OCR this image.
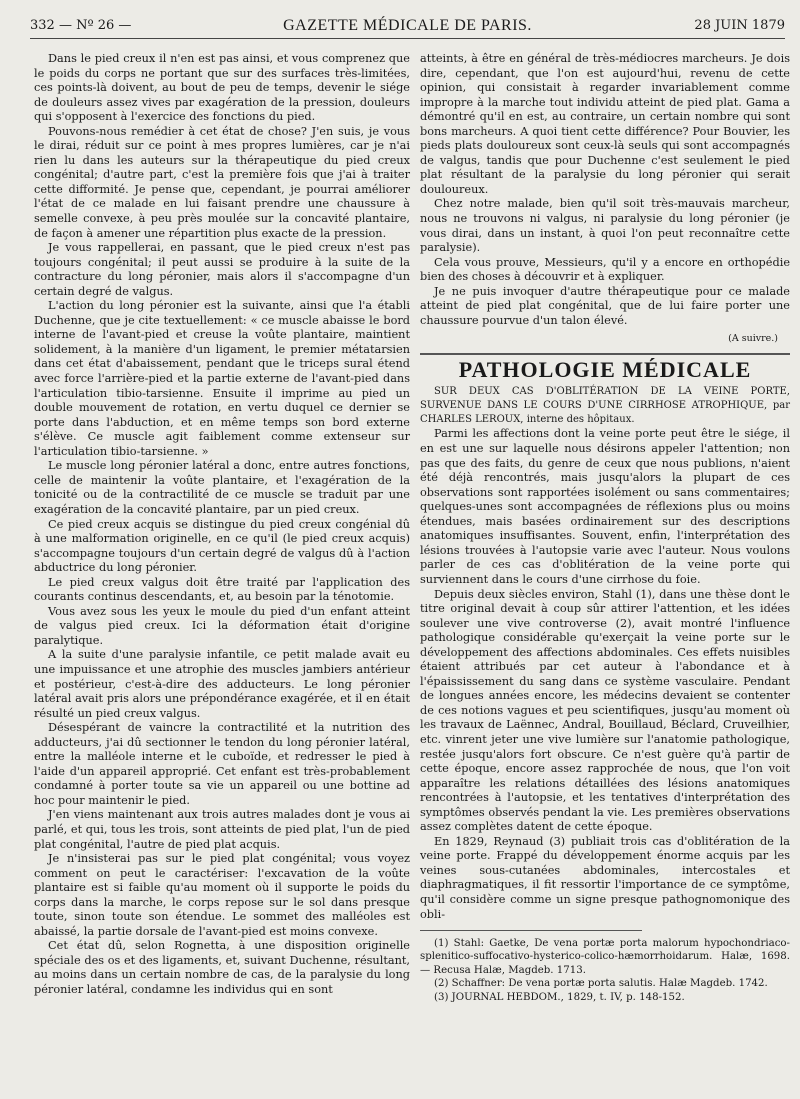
332 — Nº 26 —	GAZETTE MÉDICALE DE PARIS.	28 JUIN 1879

Dans le pied creux il n'en est pas ainsi, et vous comprenez que le poids du corps ne portant que sur des surfaces très-limitées, ces points-là doivent, au bout de peu de temps, devenir le siége de douleurs assez vives par exagération de la pression, douleurs qui s'opposent à l'exercice des fonctions du pied.

Pouvons-nous remédier à cet état de chose? J'en suis, je vous le dirai, réduit sur ce point à mes propres lumières, car je n'ai rien lu dans les auteurs sur la thérapeutique du pied creux congénital; d'autre part, c'est la première fois que j'ai à traiter cette difformité. Je pense que, cependant, je pourrai améliorer l'état de ce malade en lui faisant prendre une chaussure à semelle convexe, à peu près moulée sur la concavité plantaire, de façon à amener une répartition plus exacte de la pression.

Je vous rappellerai, en passant, que le pied creux n'est pas toujours congénital; il peut aussi se produire à la suite de la contracture du long péronier, mais alors il s'accompagne d'un certain degré de valgus.

L'action du long péronier est la suivante, ainsi que l'a établi Duchenne, que je cite textuellement: « ce muscle abaisse le bord interne de l'avant-pied et creuse la voûte plantaire, maintient solidement, à la manière d'un ligament, le premier métatarsien dans cet état d'abaissement, pendant que le triceps sural étend avec force l'arrière-pied et la partie externe de l'avant-pied dans l'articulation tibio-tarsienne. Ensuite il imprime au pied un double mouvement de rotation, en vertu duquel ce dernier se porte dans l'abduction, et en même temps son bord externe s'élève. Ce muscle agit faiblement comme extenseur sur l'articulation tibio-tarsienne. »

Le muscle long péronier latéral a donc, entre autres fonctions, celle de maintenir la voûte plantaire, et l'exagération de la tonicité ou de la contractilité de ce muscle se traduit par une exagération de la concavité plantaire, par un pied creux.

Ce pied creux acquis se distingue du pied creux congénial dû à une malformation originelle, en ce qu'il (le pied creux acquis) s'accompagne toujours d'un certain degré de valgus dû à l'action abductrice du long péronier.

Le pied creux valgus doit être traité par l'application des courants continus descendants, et, au besoin par la ténotomie.

Vous avez sous les yeux le moule du pied d'un enfant atteint de valgus pied creux. Ici la déformation était d'origine paralytique.

A la suite d'une paralysie infantile, ce petit malade avait eu une impuissance et une atrophie des muscles jambiers antérieur et postérieur, c'est-à-dire des adducteurs. Le long péronier latéral avait pris alors une prépondérance exagérée, et il en était résulté un pied creux valgus.

Désespérant de vaincre la contractilité et la nutrition des adducteurs, j'ai dû sectionner le tendon du long péronier latéral, entre la malléole interne et le cuboïde, et redresser le pied à l'aide d'un appareil approprié. Cet enfant est très-probablement condamné à porter toute sa vie un appareil ou une bottine ad hoc pour maintenir le pied.

J'en viens maintenant aux trois autres malades dont je vous ai parlé, et qui, tous les trois, sont atteints de pied plat, l'un de pied plat congénital, l'autre de pied plat acquis.

Je n'insisterai pas sur le pied plat congénital; vous voyez comment on peut le caractériser: l'excavation de la voûte plantaire est si faible qu'au moment où il supporte le poids du corps dans la marche, le corps repose sur le sol dans presque toute, sinon toute son étendue. Le sommet des malléoles est abaissé, la partie dorsale de l'avant-pied est moins convexe.

Cet état dû, selon Rognetta, à une disposition originelle spéciale des os et des ligaments, et, suivant Duchenne, résultant, au moins dans un certain nombre de cas, de la paralysie du long péronier latéral, condamne les individus qui en sont

atteints, à être en général de très-médiocres marcheurs. Je dois dire, cependant, que l'on est aujourd'hui, revenu de cette opinion, qui consistait à regarder invariablement comme impropre à la marche tout individu atteint de pied plat. Gama a démontré qu'il en est, au contraire, un certain nombre qui sont bons marcheurs. A quoi tient cette différence? Pour Bouvier, les pieds plats douloureux sont ceux-là seuls qui sont accompagnés de valgus, tandis que pour Duchenne c'est seulement le pied plat résultant de la paralysie du long péronier qui serait douloureux.

Chez notre malade, bien qu'il soit très-mauvais marcheur, nous ne trouvons ni valgus, ni paralysie du long péronier (je vous dirai, dans un instant, à quoi l'on peut reconnaître cette paralysie).

Cela vous prouve, Messieurs, qu'il y a encore en orthopédie bien des choses à découvrir et à expliquer.

Je ne puis invoquer d'autre thérapeutique pour ce malade atteint de pied plat congénital, que de lui faire porter une chaussure pourvue d'un talon élevé.

(A suivre.)
PATHOLOGIE MÉDICALE

SUR DEUX CAS D'OBLITÉRATION DE LA VEINE PORTE, SURVENUE DANS LE COURS D'UNE CIRRHOSE ATROPHIQUE, par CHARLES LEROUX, interne des hôpitaux.

Parmi les affections dont la veine porte peut être le siége, il en est une sur laquelle nous désirons appeler l'attention; non pas que des faits, du genre de ceux que nous publions, n'aient été déjà rencontrés, mais jusqu'alors la plupart de ces observations sont rapportées isolément ou sans commentaires; quelques-unes sont accompagnées de réflexions plus ou moins étendues, mais basées ordinairement sur des descriptions anatomiques insuffisantes. Souvent, enfin, l'interprétation des lésions trouvées à l'autopsie varie avec l'auteur. Nous voulons parler de ces cas d'oblitération de la veine porte qui surviennent dans le cours d'une cirrhose du foie.

Depuis deux siècles environ, Stahl (1), dans une thèse dont le titre original devait à coup sûr attirer l'attention, et les idées soulever une vive controverse (2), avait montré l'influence pathologique considérable qu'exerçait la veine porte sur le développement des affections abdominales. Ces effets nuisibles étaient attribués par cet auteur à l'abondance et à l'épaississement du sang dans ce système vasculaire. Pendant de longues années encore, les médecins devaient se contenter de ces notions vagues et peu scientifiques, jusqu'au moment où les travaux de Laënnec, Andral, Bouillaud, Béclard, Cruveilhier, etc. vinrent jeter une vive lumière sur l'anatomie pathologique, restée jusqu'alors fort obscure. Ce n'est guère qu'à partir de cette époque, encore assez rapprochée de nous, que l'on voit apparaître les relations détaillées des lésions anatomiques rencontrées à l'autopsie, et les tentatives d'interprétation des symptômes observés pendant la vie. Les premières observations assez complètes datent de cette époque.

En 1829, Reynaud (3) publiait trois cas d'oblitération de la veine porte. Frappé du développement énorme acquis par les veines sous-cutanées abdominales, intercostales et diaphragmatiques, il fit ressortir l'importance de ce symptôme, qu'il considère comme un signe presque pathognomonique des obli-

(1) Stahl: Gaetke, De vena portæ porta malorum hypochondriaco-splenitico-suffocativo-hysterico-colico-hæmorrhoidarum. Halæ, 1698. — Recusa Halæ, Magdeb. 1713.

(2) Schaffner: De vena portæ porta salutis. Halæ Magdeb. 1742.

(3) JOURNAL HEBDOM., 1829, t. IV, p. 148-152.
